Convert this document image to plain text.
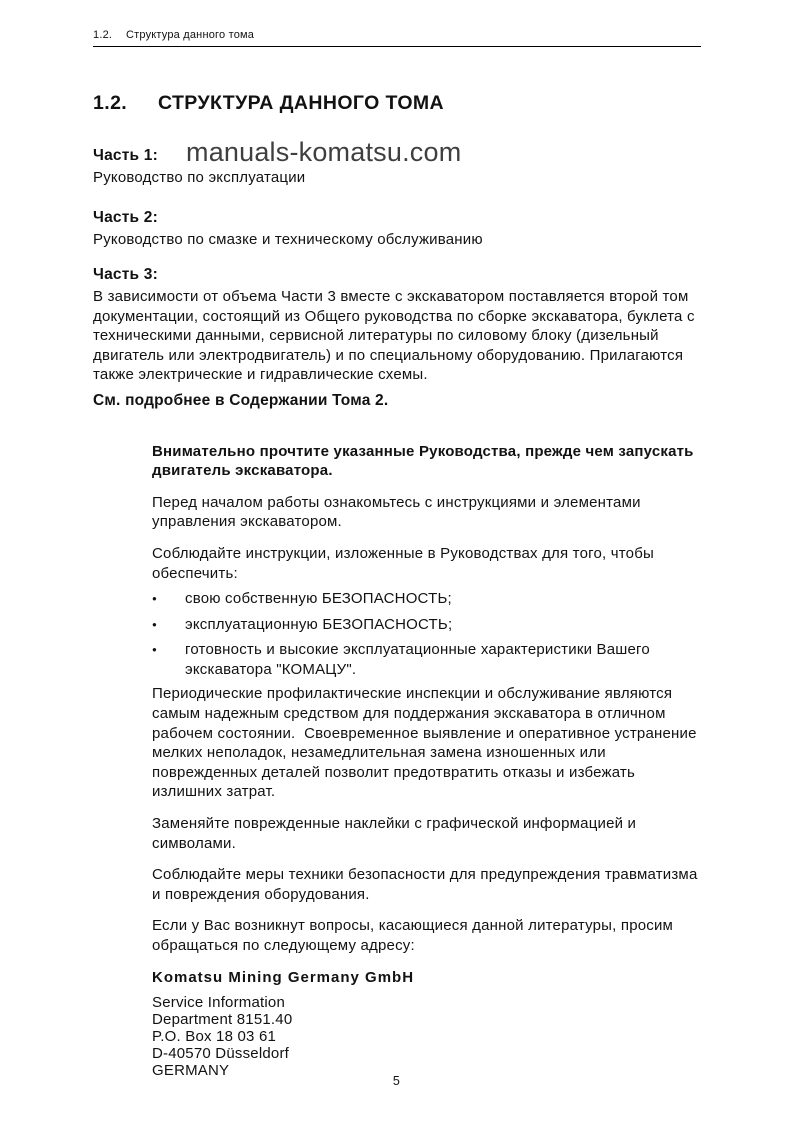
1.2.	Структура данного тома
manuals-komatsu.com
1.2.	СТРУКТУРА ДАННОГО ТОМА

Часть 1:

Руководство по эксплуатации

Часть 2:

Руководство по смазке и техническому обслуживанию

Часть 3:

В зависимости от объема Части 3 вместе с экскаватором поставляется второй том документации, состоящий из Общего руководства по сборке экскаватора, буклета с техническими данными, сервисной литературы по силовому блоку (дизельный двигатель или электродвигатель) и по специальному оборудованию. Прилагаются также электрические и гидравлические схемы.

См. подробнее в Содержании Тома 2.

Внимательно прочтите указанные Руководства, прежде чем запускать двигатель экскаватора.

Перед началом работы ознакомьтесь с инструкциями и элементами управления экскаватором.

Соблюдайте инструкции, изложенные в Руководствах для того, чтобы обеспечить:

●	свою собственную БЕЗОПАСНОСТЬ;
●	эксплуатационную БЕЗОПАСНОСТЬ;
●	готовность и высокие эксплуатационные характеристики Вашего экскаватора "КОМАЦУ".

Периодические профилактические инспекции и обслуживание являются самым надежным средством для поддержания экскаватора в отличном рабочем состоянии.  Своевременное выявление и оперативное устранение мелких неполадок, незамедлительная замена изношенных или поврежденных деталей позволит предотвратить отказы и избежать излишних затрат.

Заменяйте поврежденные наклейки с графической информацией и символами.

Соблюдайте меры техники безопасности для предупреждения травматизма и повреждения оборудования.

Если у Вас возникнут вопросы, касающиеся данной литературы, просим обращаться по следующему адресу:

Komatsu Mining Germany GmbH

Service Information
Department 8151.40
P.O. Box 18 03 61
D-40570 Düsseldorf
GERMANY
5
